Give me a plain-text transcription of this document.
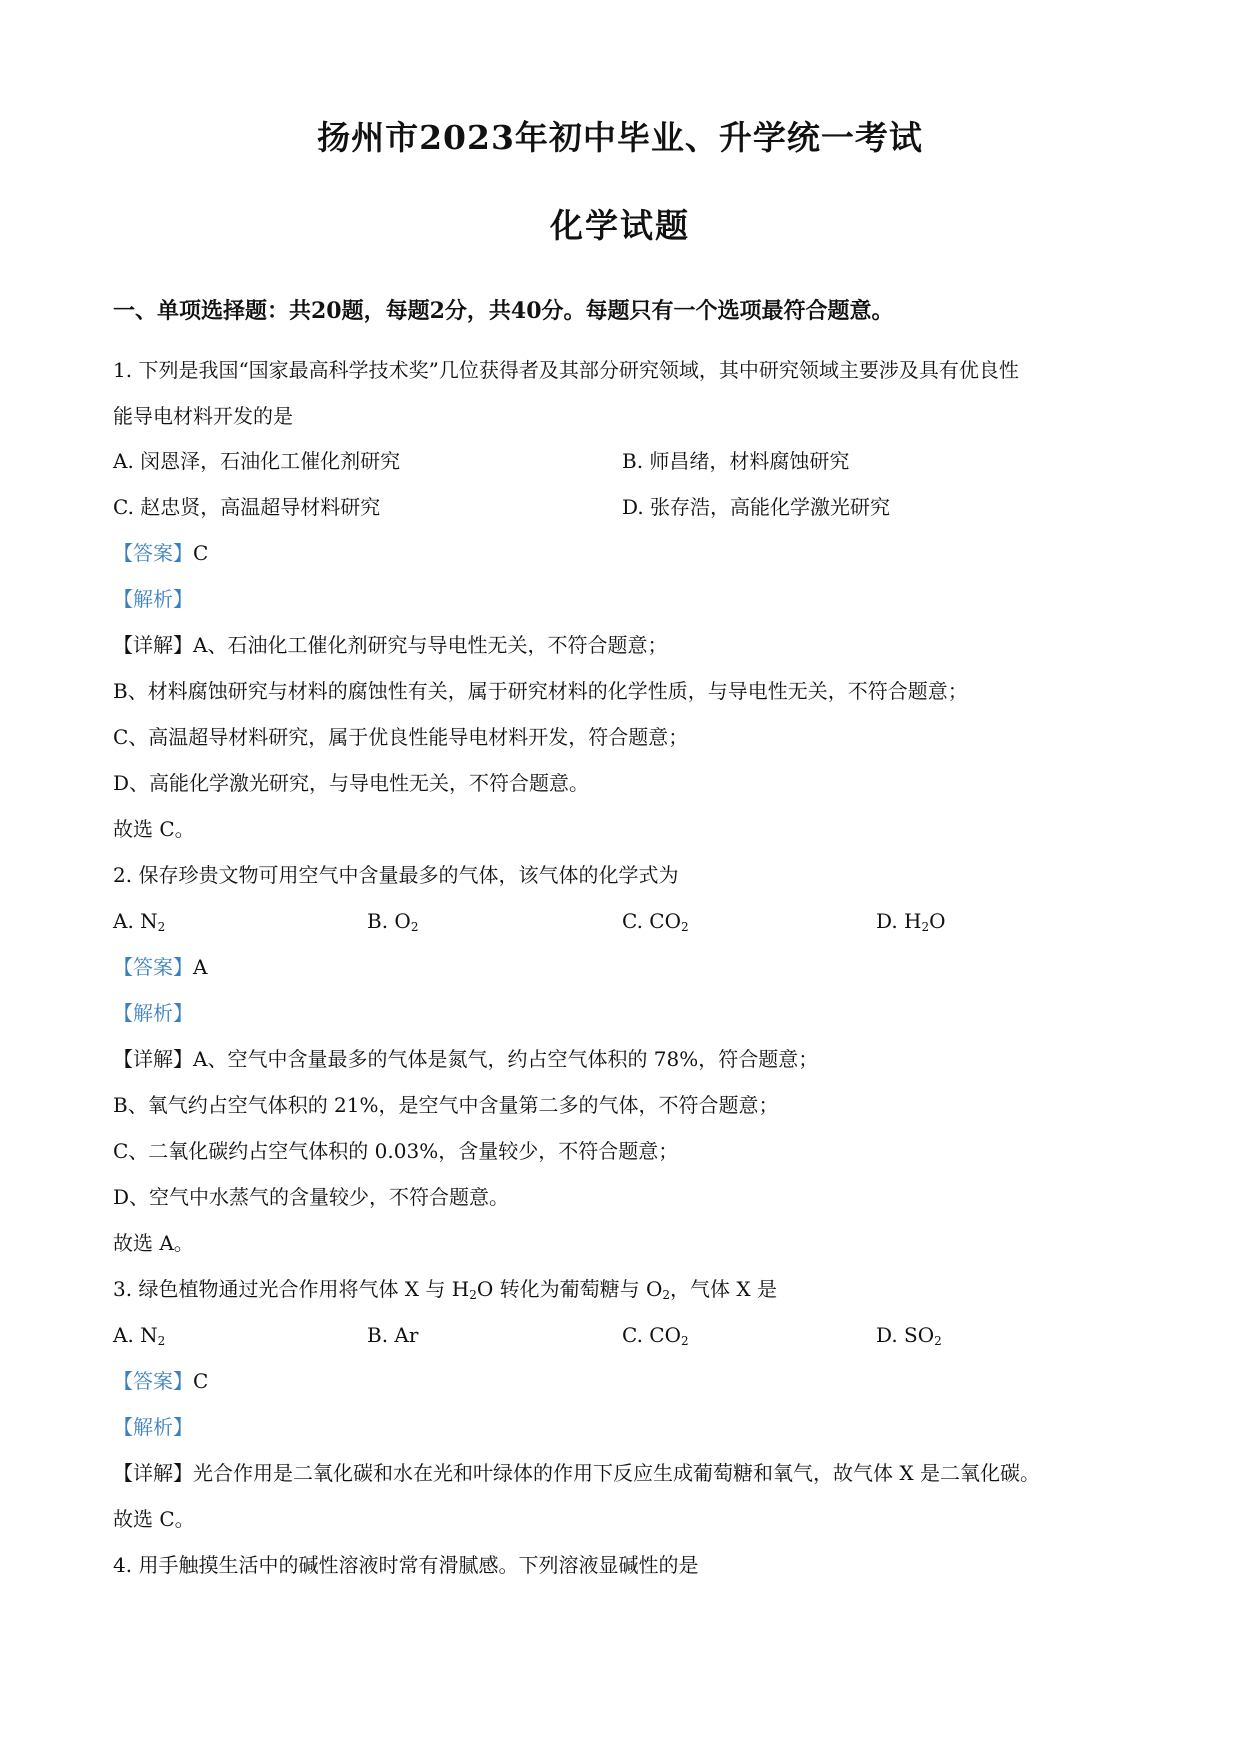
扬州市2023年初中毕业、升学统一考试
化学试题

一、单项选择题：共20题，每题2分，共40分。每题只有一个选项最符合题意。

1. 下列是我国“国家最高科学技术奖”几位获得者及其部分研究领域，其中研究领域主要涉及具有优良性

能导电材料开发的是

A. 闵恩泽，石油化工催化剂研究	B. 师昌绪，材料腐蚀研究

C. 赵忠贤，高温超导材料研究	D. 张存浩，高能化学激光研究

【答案】C

【解析】

【详解】A、石油化工催化剂研究与导电性无关，不符合题意；

B、材料腐蚀研究与材料的腐蚀性有关，属于研究材料的化学性质，与导电性无关，不符合题意；

C、高温超导材料研究，属于优良性能导电材料开发，符合题意；

D、高能化学激光研究，与导电性无关，不符合题意。

故选 C。

2. 保存珍贵文物可用空气中含量最多的气体，该气体的化学式为

A. $N_2$	B. $O_2$	C. $CO_2$	D. $H_2O$

【答案】A

【解析】

【详解】A、空气中含量最多的气体是氮气，约占空气体积的 78%，符合题意；

B、氧气约占空气体积的 21%，是空气中含量第二多的气体，不符合题意；

C、二氧化碳约占空气体积的 0.03%，含量较少，不符合题意；

D、空气中水蒸气的含量较少，不符合题意。

故选 A。

3. 绿色植物通过光合作用将气体 X 与 $H_2O$ 转化为葡萄糖与 $O_2$，气体 X 是

A. $N_2$	B. Ar	C. $CO_2$	D. $SO_2$

【答案】C

【解析】

【详解】光合作用是二氧化碳和水在光和叶绿体的作用下反应生成葡萄糖和氧气，故气体 X 是二氧化碳。

故选 C。

4. 用手触摸生活中的碱性溶液时常有滑腻感。下列溶液显碱性的是
